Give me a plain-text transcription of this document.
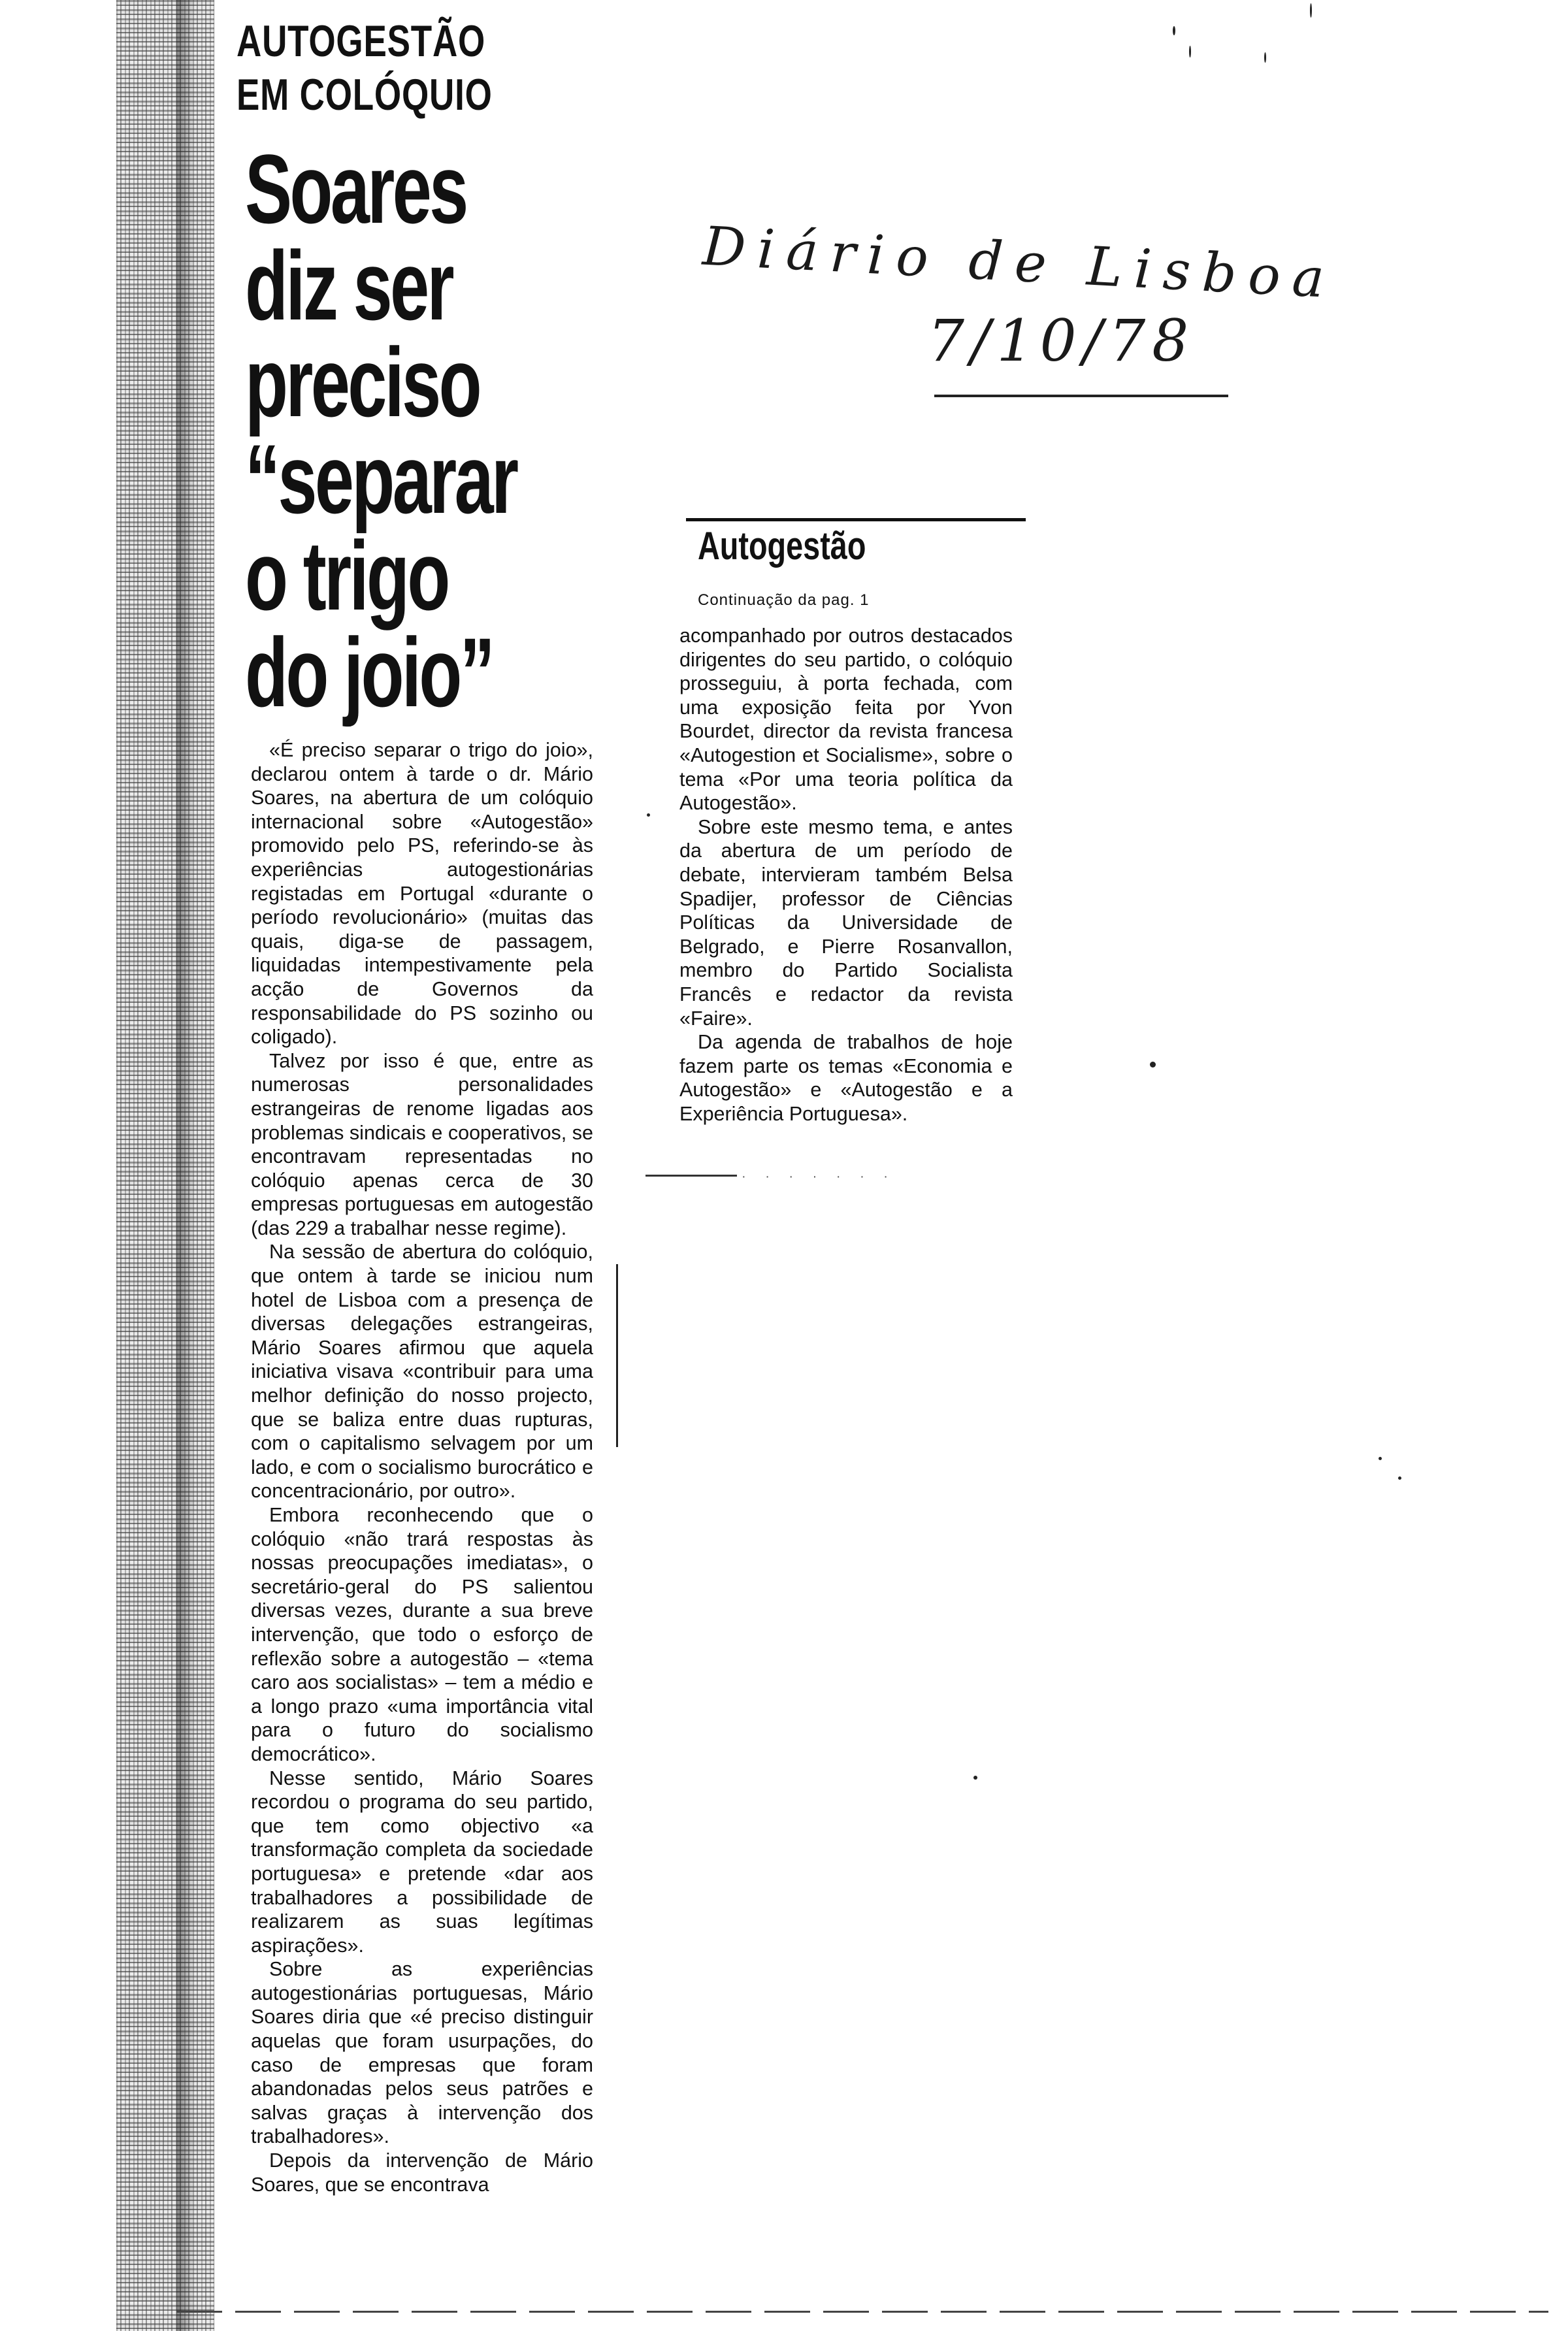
AUTOGESTÃO
EM COLÓQUIO
Soares
diz ser
preciso
“separar
o trigo
do joio”
Diário de Lisboa
7/10/78

«É preciso separar o trigo do joio», declarou ontem à tarde o dr. Mário Soares, na abertura de um colóquio internacional sobre «Autogestão» promovido pelo PS, referindo-se às experiências autogestionárias registadas em Portugal «durante o período revolucionário» (muitas das quais, diga-se de passagem, liquidadas intempestivamente pela acção de Governos da responsabilidade do PS sozinho ou coligado).

Talvez por isso é que, entre as numerosas personalidades estrangeiras de renome ligadas aos problemas sindicais e cooperativos, se encontravam representadas no colóquio apenas cerca de 30 empresas portuguesas em autogestão (das 229 a trabalhar nesse regime).

Na sessão de abertura do colóquio, que ontem à tarde se iniciou num hotel de Lisboa com a presença de diversas delegações estrangeiras, Mário Soares afirmou que aquela iniciativa visava «contribuir para uma melhor definição do nosso projecto, que se baliza entre duas rupturas, com o capitalismo selvagem por um lado, e com o socialismo burocrático e concentracionário, por outro».

Embora reconhecendo que o colóquio «não trará respostas às nossas preocupações imediatas», o secretário-geral do PS salientou diversas vezes, durante a sua breve intervenção, que todo o esforço de reflexão sobre a autogestão – «tema caro aos socialistas» – tem a médio e a longo prazo «uma importância vital para o futuro do socialismo democrático».

Nesse sentido, Mário Soares recordou o programa do seu partido, que tem como objectivo «a transformação completa da sociedade portuguesa» e pretende «dar aos trabalhadores a possibilidade de realizarem as suas legítimas aspirações».

Sobre as experiências autogestionárias portuguesas, Mário Soares diria que «é preciso distinguir aquelas que foram usurpações, do caso de empresas que foram abandonadas pelos seus patrões e salvas graças à intervenção dos trabalhadores».

Depois da intervenção de Mário Soares, que se encontrava

Autogestão
Continuação da pag. 1

acompanhado por outros destacados dirigentes do seu partido, o colóquio prosseguiu, à porta fechada, com uma exposição feita por Yvon Bourdet, director da revista francesa «Autogestion et Socialisme», sobre o tema «Por uma teoria política da Autogestão».

Sobre este mesmo tema, e antes da abertura de um período de debate, intervieram também Belsa Spadijer, professor de Ciências Políticas da Universidade de Belgrado, e Pierre Rosanvallon, membro do Partido Socialista Francês e redactor da revista «Faire».

Da agenda de trabalhos de hoje fazem parte os temas «Economia e Autogestão» e «Autogestão e a Experiência Portuguesa».

· · · · · · ·
